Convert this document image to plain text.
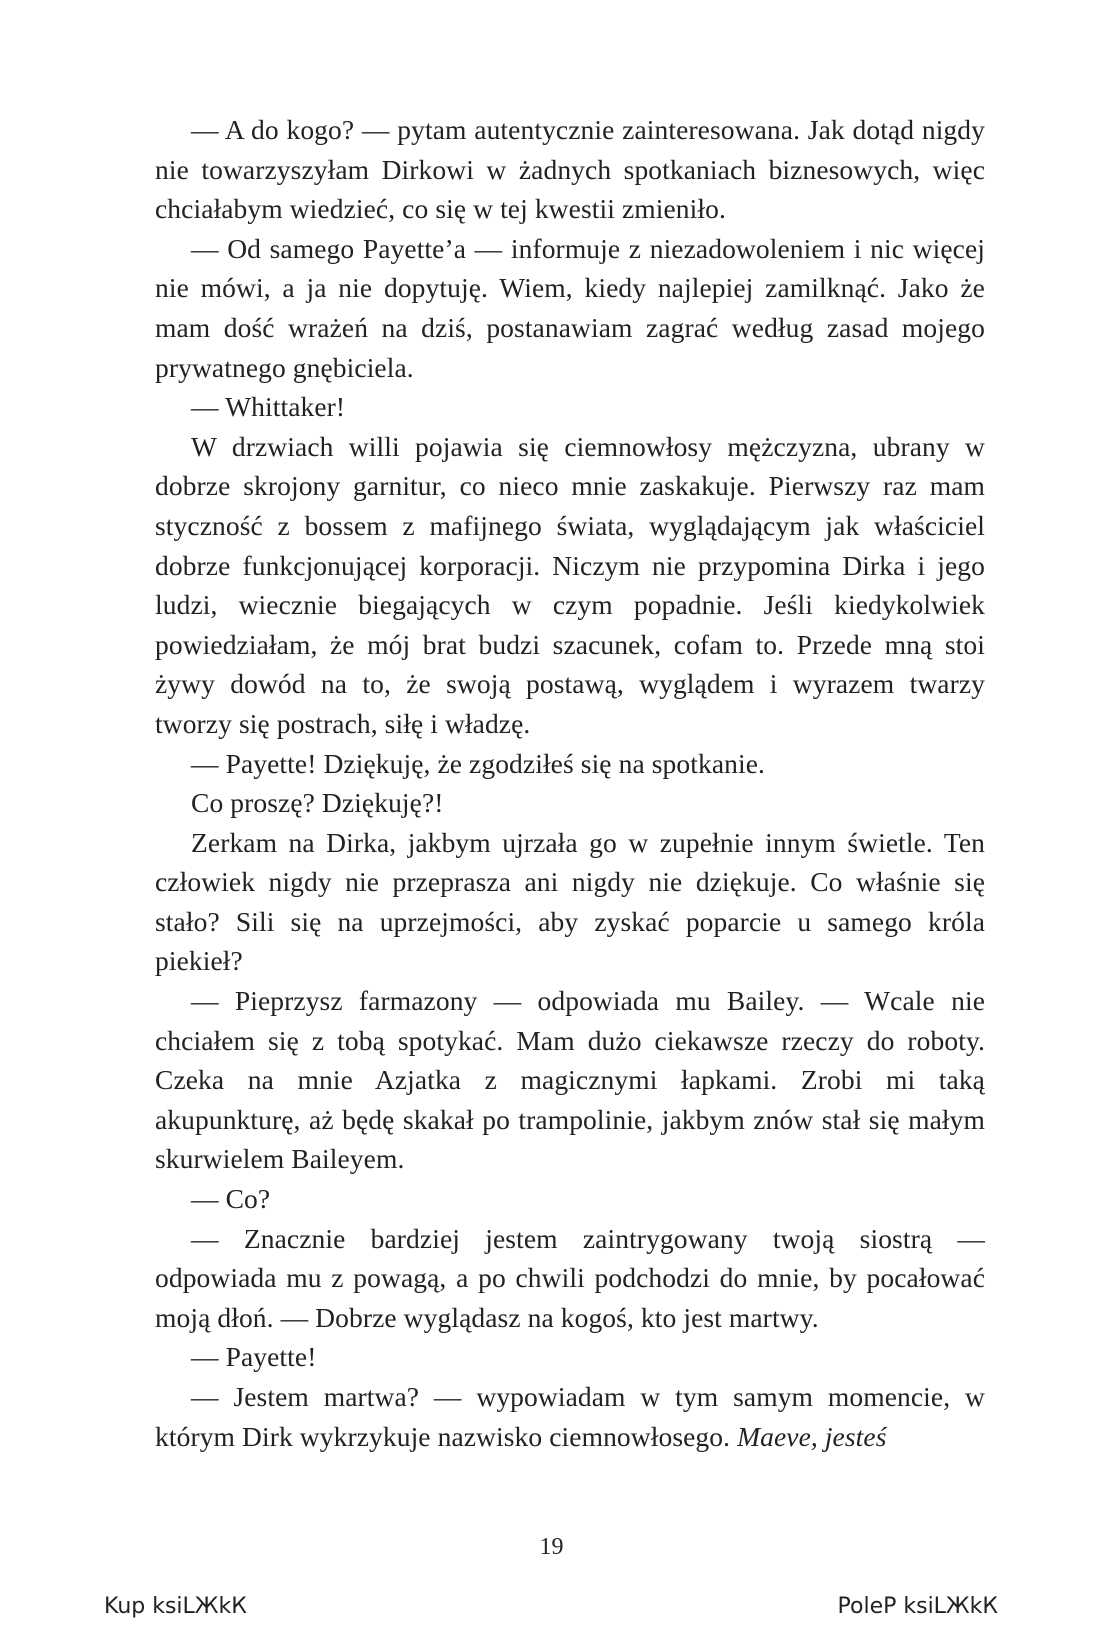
— A do kogo? — pytam autentycznie zainteresowana. Jak dotąd nigdy nie towarzyszyłam Dirkowi w żadnych spotkaniach biznesowych, więc chciałabym wiedzieć, co się w tej kwestii zmieniło.

— Od samego Payette’a — informuje z niezadowoleniem i nic więcej nie mówi, a ja nie dopytuję. Wiem, kiedy najlepiej zamilknąć. Jako że mam dość wrażeń na dziś, postanawiam zagrać według zasad mojego prywatnego gnębiciela.

— Whittaker!

W drzwiach willi pojawia się ciemnowłosy mężczyzna, ubrany w dobrze skrojony garnitur, co nieco mnie zaskakuje. Pierwszy raz mam styczność z bossem z mafijnego świata, wyglądającym jak właściciel dobrze funkcjonującej korporacji. Niczym nie przypomina Dirka i jego ludzi, wiecznie biegających w czym popadnie. Jeśli kiedykolwiek powiedziałam, że mój brat budzi szacunek, cofam to. Przede mną stoi żywy dowód na to, że swoją postawą, wyglądem i wyrazem twarzy tworzy się postrach, siłę i władzę.

— Payette! Dziękuję, że zgodziłeś się na spotkanie.

Co proszę? Dziękuję?!

Zerkam na Dirka, jakbym ujrzała go w zupełnie innym świetle. Ten człowiek nigdy nie przeprasza ani nigdy nie dziękuje. Co właśnie się stało? Sili się na uprzejmości, aby zyskać poparcie u samego króla piekieł?

— Pieprzysz farmazony — odpowiada mu Bailey. — Wcale nie chciałem się z tobą spotykać. Mam dużo ciekawsze rzeczy do roboty. Czeka na mnie Azjatka z magicznymi łapkami. Zrobi mi taką akupunkturę, aż będę skakał po trampolinie, jakbym znów stał się małym skurwielem Baileyem.

— Co?

— Znacznie bardziej jestem zaintrygowany twoją siostrą — odpowiada mu z powagą, a po chwili podchodzi do mnie, by pocałować moją dłoń. — Dobrze wyglądasz na kogoś, kto jest martwy.

— Payette!

— Jestem martwa? — wypowiadam w tym samym momencie, w którym Dirk wykrzykuje nazwisko ciemnowłosego. Maeve, jesteś

19
Kup ksiLЖkК	PoleР ksiLЖkК
